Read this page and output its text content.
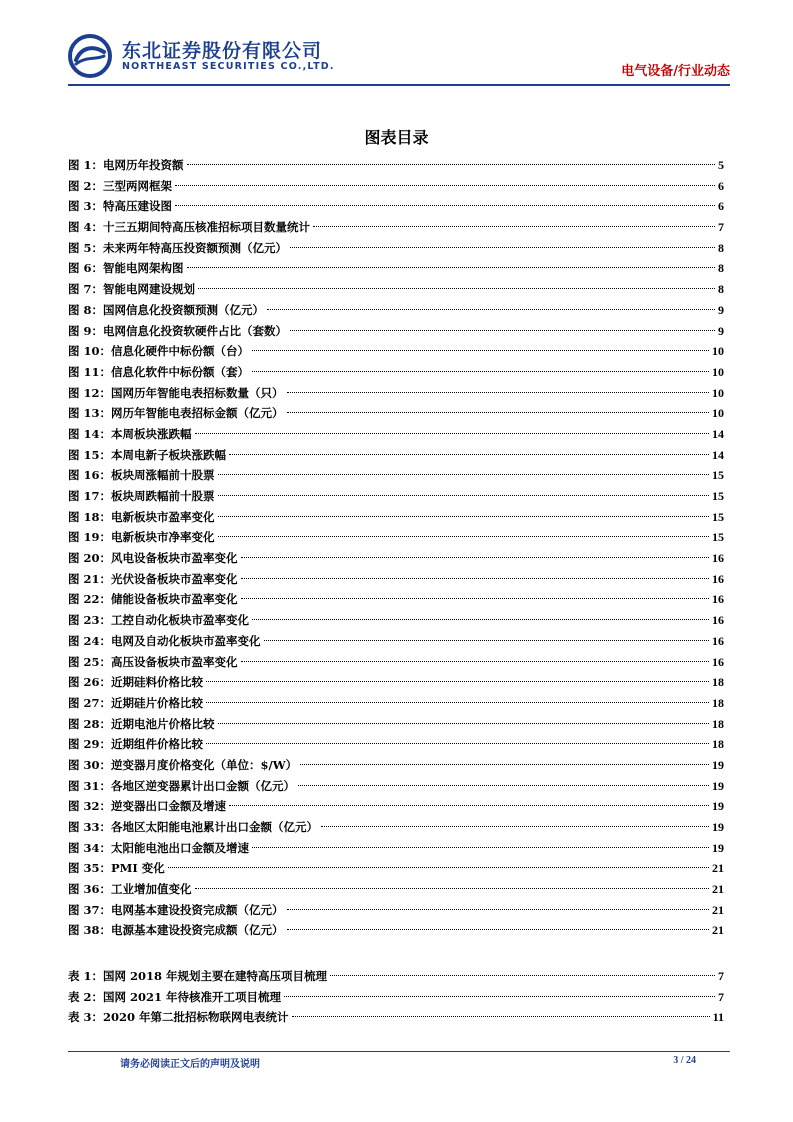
东北证券股份有限公司
NORTHEAST SECURITIES CO.,LTD.	电气设备/行业动态
图表目录
图 1：电网历年投资额	5
图 2：三型两网框架	6
图 3：特高压建设图	6
图 4：十三五期间特高压核准招标项目数量统计	7
图 5：未来两年特高压投资额预测（亿元）	8
图 6：智能电网架构图	8
图 7：智能电网建设规划	8
图 8：国网信息化投资额预测（亿元）	9
图 9：电网信息化投资软硬件占比（套数）	9
图 10：信息化硬件中标份额（台）	10
图 11：信息化软件中标份额（套）	10
图 12：国网历年智能电表招标数量（只）	10
图 13：网历年智能电表招标金额（亿元）	10
图 14：本周板块涨跌幅	14
图 15：本周电新子板块涨跌幅	14
图 16：板块周涨幅前十股票	15
图 17：板块周跌幅前十股票	15
图 18：电新板块市盈率变化	15
图 19：电新板块市净率变化	15
图 20：风电设备板块市盈率变化	16
图 21：光伏设备板块市盈率变化	16
图 22：储能设备板块市盈率变化	16
图 23：工控自动化板块市盈率变化	16
图 24：电网及自动化板块市盈率变化	16
图 25：高压设备板块市盈率变化	16
图 26：近期硅料价格比较	18
图 27：近期硅片价格比较	18
图 28：近期电池片价格比较	18
图 29：近期组件价格比较	18
图 30：逆变器月度价格变化（单位：$/W）	19
图 31：各地区逆变器累计出口金额（亿元）	19
图 32：逆变器出口金额及增速	19
图 33：各地区太阳能电池累计出口金额（亿元）	19
图 34：太阳能电池出口金额及增速	19
图 35：PMI 变化	21
图 36：工业增加值变化	21
图 37：电网基本建设投资完成额（亿元）	21
图 38：电源基本建设投资完成额（亿元）	21
表 1：国网 2018 年规划主要在建特高压项目梳理	7
表 2：国网 2021 年待核准开工项目梳理	7
表 3：2020 年第二批招标物联网电表统计	11
请务必阅读正文后的声明及说明	3 / 24
